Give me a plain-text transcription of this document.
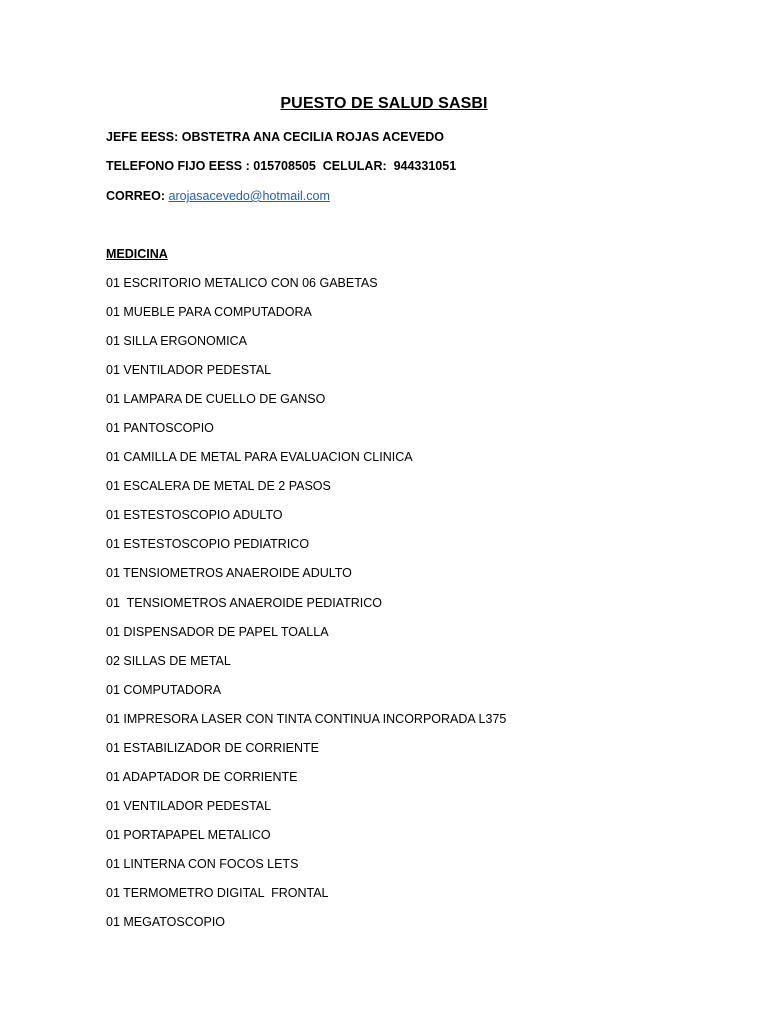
PUESTO DE SALUD SASBI
JEFE EESS: OBSTETRA ANA CECILIA ROJAS ACEVEDO
TELEFONO FIJO EESS : 015708505  CELULAR:  944331051
CORREO: arojasacevedo@hotmail.com
MEDICINA
01 ESCRITORIO METALICO CON 06 GABETAS
01 MUEBLE PARA COMPUTADORA
01 SILLA ERGONOMICA
01 VENTILADOR PEDESTAL
01 LAMPARA DE CUELLO DE GANSO
01 PANTOSCOPIO
01 CAMILLA DE METAL PARA EVALUACION CLINICA
01 ESCALERA DE METAL DE 2 PASOS
01 ESTESTOSCOPIO ADULTO
01 ESTESTOSCOPIO PEDIATRICO
01 TENSIOMETROS ANAEROIDE ADULTO
01  TENSIOMETROS ANAEROIDE PEDIATRICO
01 DISPENSADOR DE PAPEL TOALLA
02 SILLAS DE METAL
01 COMPUTADORA
01 IMPRESORA LASER CON TINTA CONTINUA INCORPORADA L375
01 ESTABILIZADOR DE CORRIENTE
01 ADAPTADOR DE CORRIENTE
01 VENTILADOR PEDESTAL
01 PORTAPAPEL METALICO
01 LINTERNA CON FOCOS LETS
01 TERMOMETRO DIGITAL  FRONTAL
01 MEGATOSCOPIO
